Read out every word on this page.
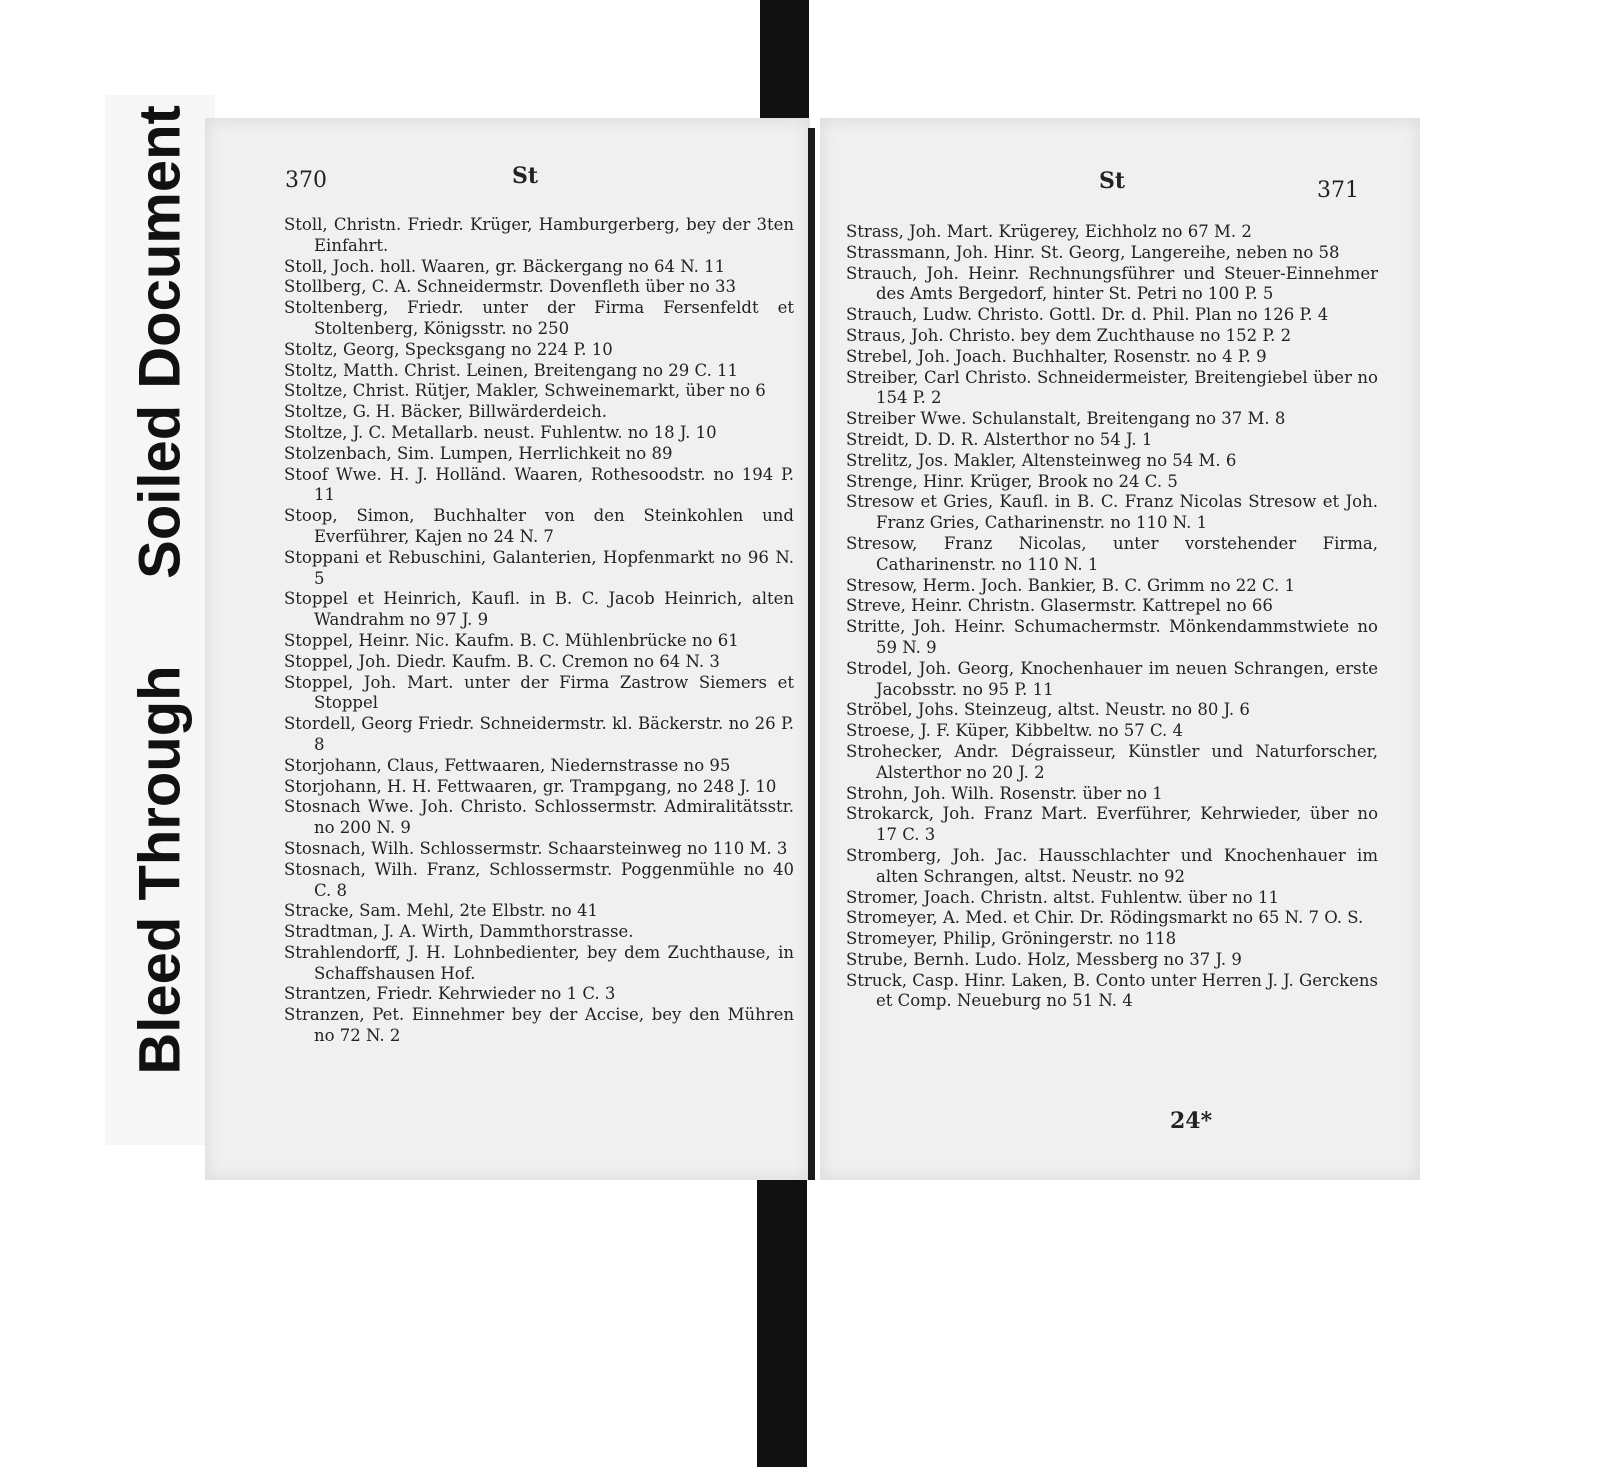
Bleed Through
Soiled Document	370	St

Stoll, Christn. Friedr. Krüger, Hamburgerberg, bey der 3ten Einfahrt.

Stoll, Joch. holl. Waaren, gr. Bäckergang no 64 N. 11

Stollberg, C. A. Schneidermstr. Dovenfleth über no 33

Stoltenberg, Friedr. unter der Firma Fersenfeldt et Stoltenberg, Königsstr. no 250

Stoltz, Georg, Specksgang no 224 P. 10

Stoltz, Matth. Christ. Leinen, Breitengang no 29 C. 11

Stoltze, Christ. Rütjer, Makler, Schweinemarkt, über no 6

Stoltze, G. H. Bäcker, Billwärderdeich.

Stoltze, J. C. Metallarb. neust. Fuhlentw. no 18 J. 10

Stolzenbach, Sim. Lumpen, Herrlichkeit no 89

Stoof Wwe. H. J. Holländ. Waaren, Rothesoodstr. no 194 P. 11

Stoop, Simon, Buchhalter von den Steinkohlen und Everführer, Kajen no 24 N. 7

Stoppani et Rebuschini, Galanterien, Hopfenmarkt no 96 N. 5

Stoppel et Heinrich, Kaufl. in B. C. Jacob Heinrich, alten Wandrahm no 97 J. 9

Stoppel, Heinr. Nic. Kaufm. B. C. Mühlenbrücke no 61

Stoppel, Joh. Diedr. Kaufm. B. C. Cremon no 64 N. 3

Stoppel, Joh. Mart. unter der Firma Zastrow Siemers et Stoppel

Stordell, Georg Friedr. Schneidermstr. kl. Bäckerstr. no 26 P. 8

Storjohann, Claus, Fettwaaren, Niedernstrasse no 95

Storjohann, H. H. Fettwaaren, gr. Trampgang, no 248 J. 10

Stosnach Wwe. Joh. Christo. Schlossermstr. Admiralitätsstr. no 200 N. 9

Stosnach, Wilh. Schlossermstr. Schaarsteinweg no 110 M. 3

Stosnach, Wilh. Franz, Schlossermstr. Poggenmühle no 40 C. 8

Stracke, Sam. Mehl, 2te Elbstr. no 41

Stradtman, J. A. Wirth, Dammthorstrasse.

Strahlendorff, J. H. Lohnbedienter, bey dem Zuchthause, in Schaffshausen Hof.

Strantzen, Friedr. Kehrwieder no 1 C. 3

Stranzen, Pet. Einnehmer bey der Accise, bey den Mühren no 72 N. 2

St	371

Strass, Joh. Mart. Krügerey, Eichholz no 67 M. 2

Strassmann, Joh. Hinr. St. Georg, Langereihe, neben no 58

Strauch, Joh. Heinr. Rechnungsführer und Steuer-Einnehmer des Amts Bergedorf, hinter St. Petri no 100 P. 5

Strauch, Ludw. Christo. Gottl. Dr. d. Phil. Plan no 126 P. 4

Straus, Joh. Christo. bey dem Zuchthause no 152 P. 2

Strebel, Joh. Joach. Buchhalter, Rosenstr. no 4 P. 9

Streiber, Carl Christo. Schneidermeister, Breitengiebel über no 154 P. 2

Streiber Wwe. Schulanstalt, Breitengang no 37 M. 8

Streidt, D. D. R. Alsterthor no 54 J. 1

Strelitz, Jos. Makler, Altensteinweg no 54 M. 6

Strenge, Hinr. Krüger, Brook no 24 C. 5

Stresow et Gries, Kaufl. in B. C. Franz Nicolas Stresow et Joh. Franz Gries, Catharinenstr. no 110 N. 1

Stresow, Franz Nicolas, unter vorstehender Firma, Catharinenstr. no 110 N. 1

Stresow, Herm. Joch. Bankier, B. C. Grimm no 22 C. 1

Streve, Heinr. Christn. Glasermstr. Kattrepel no 66

Stritte, Joh. Heinr. Schumachermstr. Mönkendammstwiete no 59 N. 9

Strodel, Joh. Georg, Knochenhauer im neuen Schrangen, erste Jacobsstr. no 95 P. 11

Ströbel, Johs. Steinzeug, altst. Neustr. no 80 J. 6

Stroese, J. F. Küper, Kibbeltw. no 57 C. 4

Strohecker, Andr. Dégraisseur, Künstler und Naturforscher, Alsterthor no 20 J. 2

Strohn, Joh. Wilh. Rosenstr. über no 1

Strokarck, Joh. Franz Mart. Everführer, Kehrwieder, über no 17 C. 3

Stromberg, Joh. Jac. Hausschlachter und Knochenhauer im alten Schrangen, altst. Neustr. no 92

Stromer, Joach. Christn. altst. Fuhlentw. über no 11

Stromeyer, A. Med. et Chir. Dr. Rödingsmarkt no 65 N. 7 O. S.

Stromeyer, Philip, Gröningerstr. no 118

Strube, Bernh. Ludo. Holz, Messberg no 37 J. 9

Struck, Casp. Hinr. Laken, B. Conto unter Herren J. J. Gerckens et Comp. Neueburg no 51 N. 4

24*
